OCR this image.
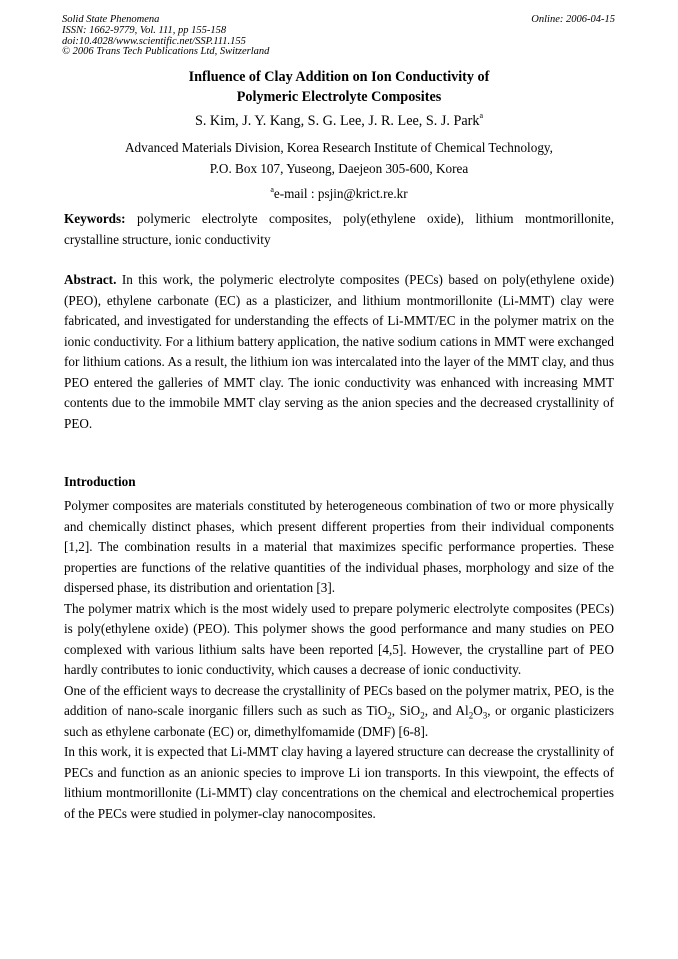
Solid State Phenomena
ISSN: 1662-9779, Vol. 111, pp 155-158
doi:10.4028/www.scientific.net/SSP.111.155
© 2006 Trans Tech Publications Ltd, Switzerland
Online: 2006-04-15
Influence of Clay Addition on Ion Conductivity of
Polymeric Electrolyte Composites
S. Kim, J. Y. Kang, S. G. Lee, J. R. Lee, S. J. Park$^a$
Advanced Materials Division, Korea Research Institute of Chemical Technology,
P.O. Box 107, Yuseong, Daejeon 305-600, Korea
$^a$e-mail : psjin@krict.re.kr
Keywords: polymeric electrolyte composites, poly(ethylene oxide), lithium montmorillonite, crystalline structure, ionic conductivity
Abstract. In this work, the polymeric electrolyte composites (PECs) based on poly(ethylene oxide) (PEO), ethylene carbonate (EC) as a plasticizer, and lithium montmorillonite (Li-MMT) clay were fabricated, and investigated for understanding the effects of Li-MMT/EC in the polymer matrix on the ionic conductivity. For a lithium battery application, the native sodium cations in MMT were exchanged for lithium cations. As a result, the lithium ion was intercalated into the layer of the MMT clay, and thus PEO entered the galleries of MMT clay. The ionic conductivity was enhanced with increasing MMT contents due to the immobile MMT clay serving as the anion species and the decreased crystallinity of PEO.
Introduction

Polymer composites are materials constituted by heterogeneous combination of two or more physically and chemically distinct phases, which present different properties from their individual components [1,2]. The combination results in a material that maximizes specific performance properties. These properties are functions of the relative quantities of the individual phases, morphology and size of the dispersed phase, its distribution and orientation [3].

The polymer matrix which is the most widely used to prepare polymeric electrolyte composites (PECs) is poly(ethylene oxide) (PEO). This polymer shows the good performance and many studies on PEO complexed with various lithium salts have been reported [4,5]. However, the crystalline part of PEO hardly contributes to ionic conductivity, which causes a decrease of ionic conductivity.

One of the efficient ways to decrease the crystallinity of PECs based on the polymer matrix, PEO, is the addition of nano-scale inorganic fillers such as such as TiO$_2$, SiO$_2$, and $Al_2O_3$, or organic plasticizers such as ethylene carbonate (EC) or, dimethylfomamide (DMF) [6-8].

In this work, it is expected that Li-MMT clay having a layered structure can decrease the crystallinity of PECs and function as an anionic species to improve Li ion transports. In this viewpoint, the effects of lithium montmorillonite (Li-MMT) clay concentrations on the chemical and electrochemical properties of the PECs were studied in polymer-clay nanocomposites.
